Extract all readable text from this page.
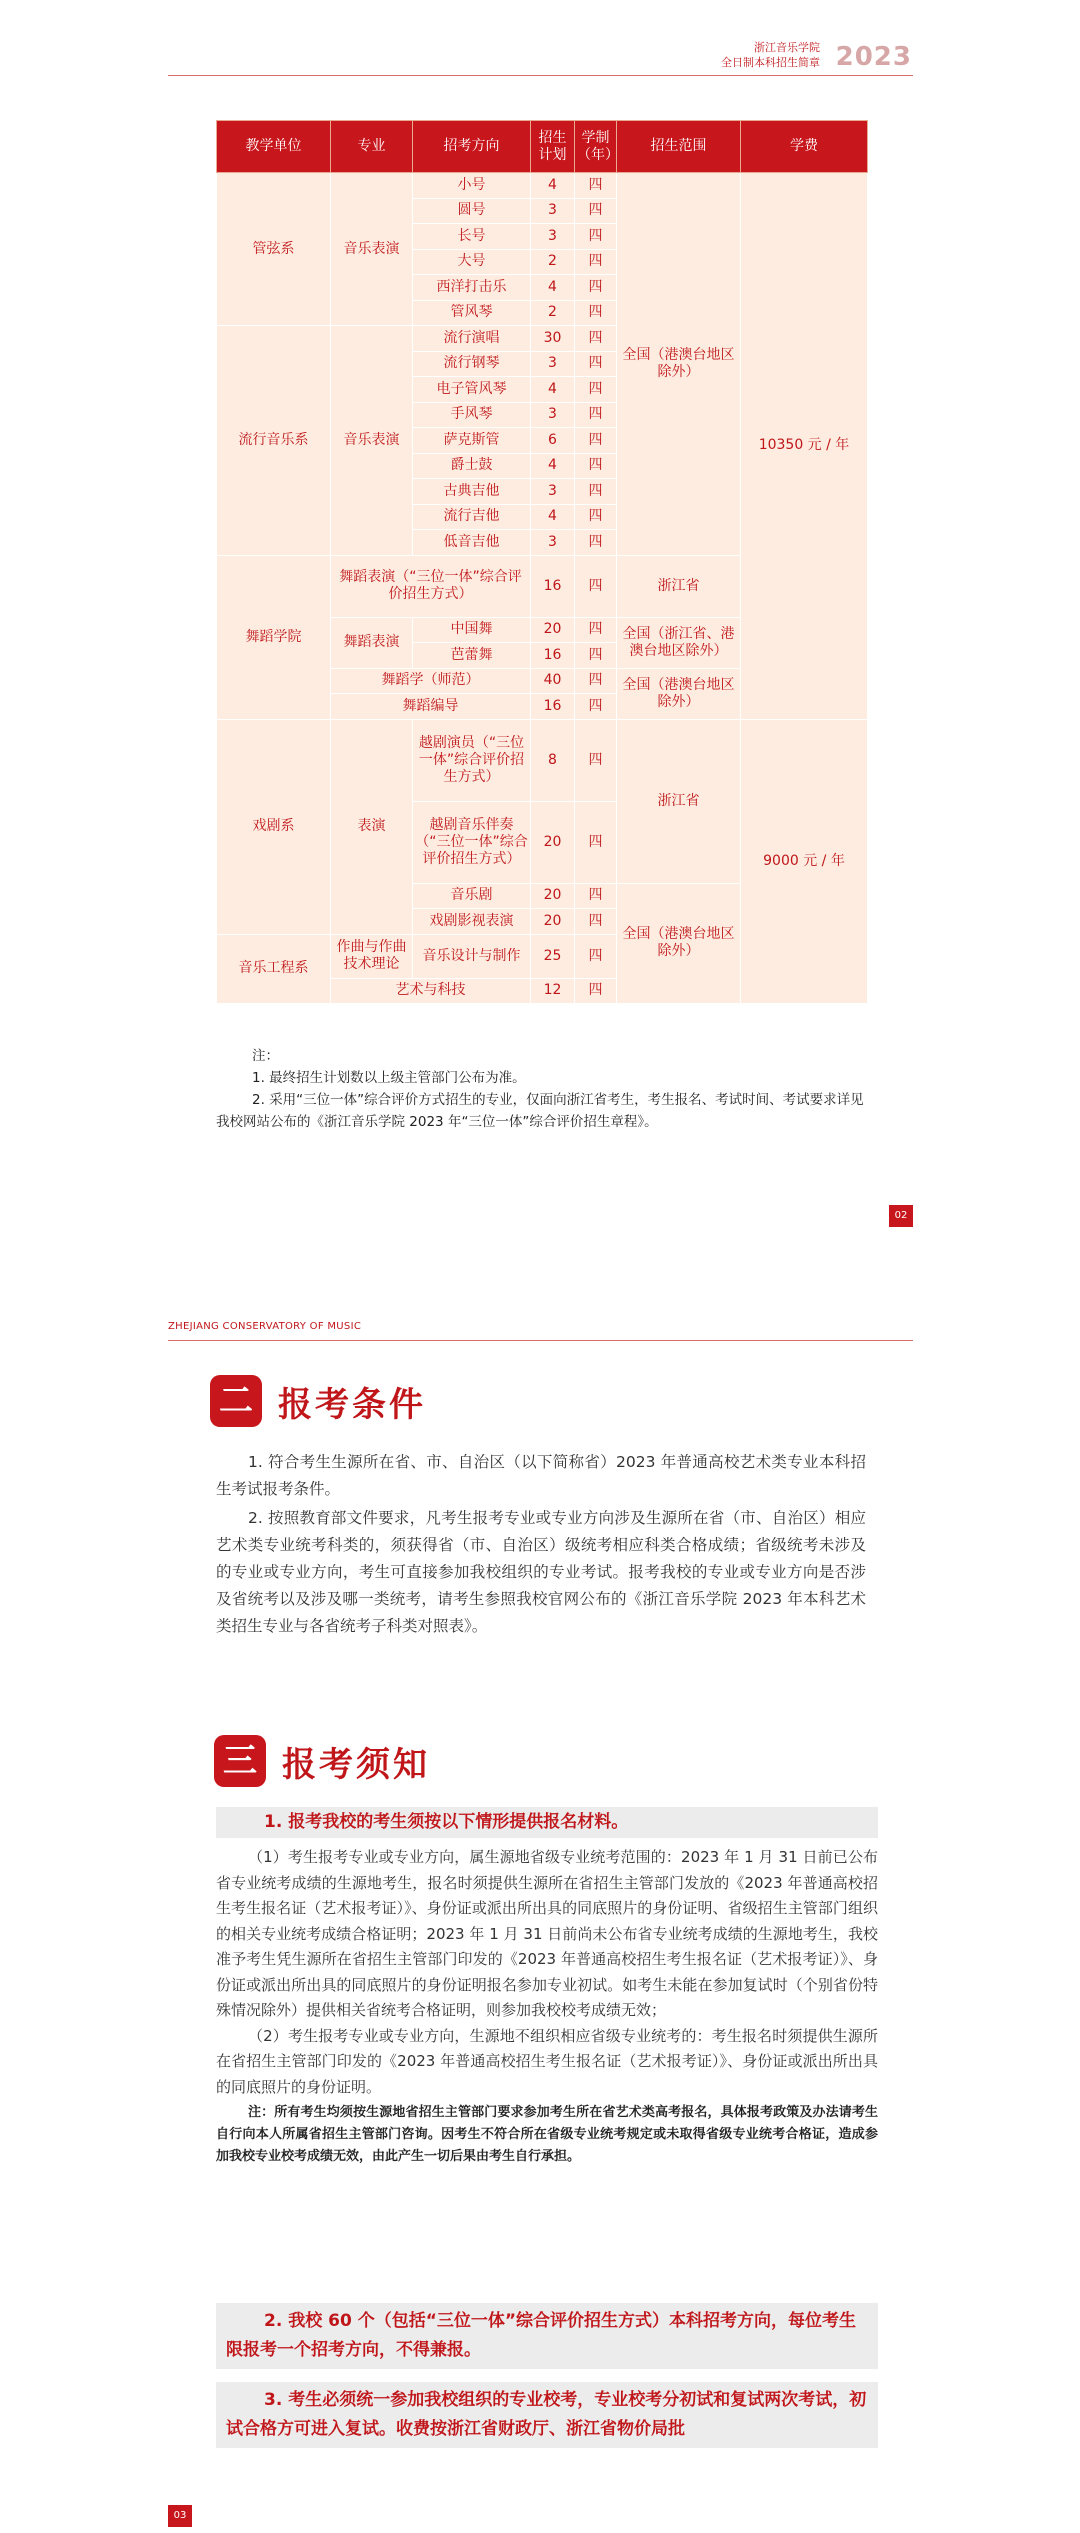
浙江音乐学院
全日制本科招生简章 2023
教学单位	专业	招考方向	招生计划	学制（年）	招生范围	学费
管弦系	音乐表演	小号	4	四	全国（港澳台地区除外）	10350 元 / 年
		圆号	3	四		
		长号	3	四		
		大号	2	四		
		西洋打击乐	4	四		
		管风琴	2	四		
流行音乐系	音乐表演	流行演唱	30	四		
		流行钢琴	3	四		
		电子管风琴	4	四		
		手风琴	3	四		
		萨克斯管	6	四		
		爵士鼓	4	四		
		古典吉他	3	四		
		流行吉他	4	四		
		低音吉他	3	四		
舞蹈学院	舞蹈表演（“三位一体”综合评价招生方式）		16	四	浙江省	
	舞蹈表演	中国舞	20	四	全国（浙江省、港澳台地区除外）	
		芭蕾舞	16	四		
	舞蹈学（师范）		40	四	全国（港澳台地区除外）	
	舞蹈编导		16	四		
戏剧系	表演	越剧演员（“三位一体”综合评价招生方式）	8	四	浙江省	9000 元 / 年
		越剧音乐伴奏（“三位一体”综合评价招生方式）	20	四		
		音乐剧	20	四	全国（港澳台地区除外）	
		戏剧影视表演	20	四		
音乐工程系	作曲与作曲技术理论	音乐设计与制作	25	四		
	艺术与科技		12	四		
注：
1. 最终招生计划数以上级主管部门公布为准。
2. 采用“三位一体”综合评价方式招生的专业，仅面向浙江省考生，考生报名、考试时间、考试要求详见我校网站公布的《浙江音乐学院 2023 年“三位一体”综合评价招生章程》。
02
ZHEJIANG CONSERVATORY OF MUSIC
二 报考条件

1. 符合考生生源所在省、市、自治区（以下简称省）2023 年普通高校艺术类专业本科招生考试报考条件。

2. 按照教育部文件要求，凡考生报考专业或专业方向涉及生源所在省（市、自治区）相应艺术类专业统考科类的，须获得省（市、自治区）级统考相应科类合格成绩；省级统考未涉及的专业或专业方向，考生可直接参加我校组织的专业考试。报考我校的专业或专业方向是否涉及省统考以及涉及哪一类统考，请考生参照我校官网公布的《浙江音乐学院 2023 年本科艺术类招生专业与各省统考子科类对照表》。

三 报考须知
1. 报考我校的考生须按以下情形提供报名材料。

（1）考生报考专业或专业方向，属生源地省级专业统考范围的：2023 年 1 月 31 日前已公布省专业统考成绩的生源地考生，报名时须提供生源所在省招生主管部门发放的《2023 年普通高校招生考生报名证（艺术报考证）》、身份证或派出所出具的同底照片的身份证明、省级招生主管部门组织的相关专业统考成绩合格证明；2023 年 1 月 31 日前尚未公布省专业统考成绩的生源地考生，我校准予考生凭生源所在省招生主管部门印发的《2023 年普通高校招生考生报名证（艺术报考证）》、身份证或派出所出具的同底照片的身份证明报名参加专业初试。如考生未能在参加复试时（个别省份特殊情况除外）提供相关省统考合格证明，则参加我校校考成绩无效；

（2）考生报考专业或专业方向，生源地不组织相应省级专业统考的：考生报名时须提供生源所在省招生主管部门印发的《2023 年普通高校招生考生报名证（艺术报考证）》、身份证或派出所出具的同底照片的身份证明。

注：所有考生均须按生源地省招生主管部门要求参加考生所在省艺术类高考报名，具体报考政策及办法请考生自行向本人所属省招生主管部门咨询。因考生不符合所在省级专业统考规定或未取得省级专业统考合格证，造成参加我校专业校考成绩无效，由此产生一切后果由考生自行承担。

2. 我校 60 个（包括“三位一体”综合评价招生方式）本科招考方向，每位考生限报考一个招考方向，不得兼报。
3. 考生必须统一参加我校组织的专业校考，专业校考分初试和复试两次考试，初试合格方可进入复试。收费按浙江省财政厅、浙江省物价局批
03
